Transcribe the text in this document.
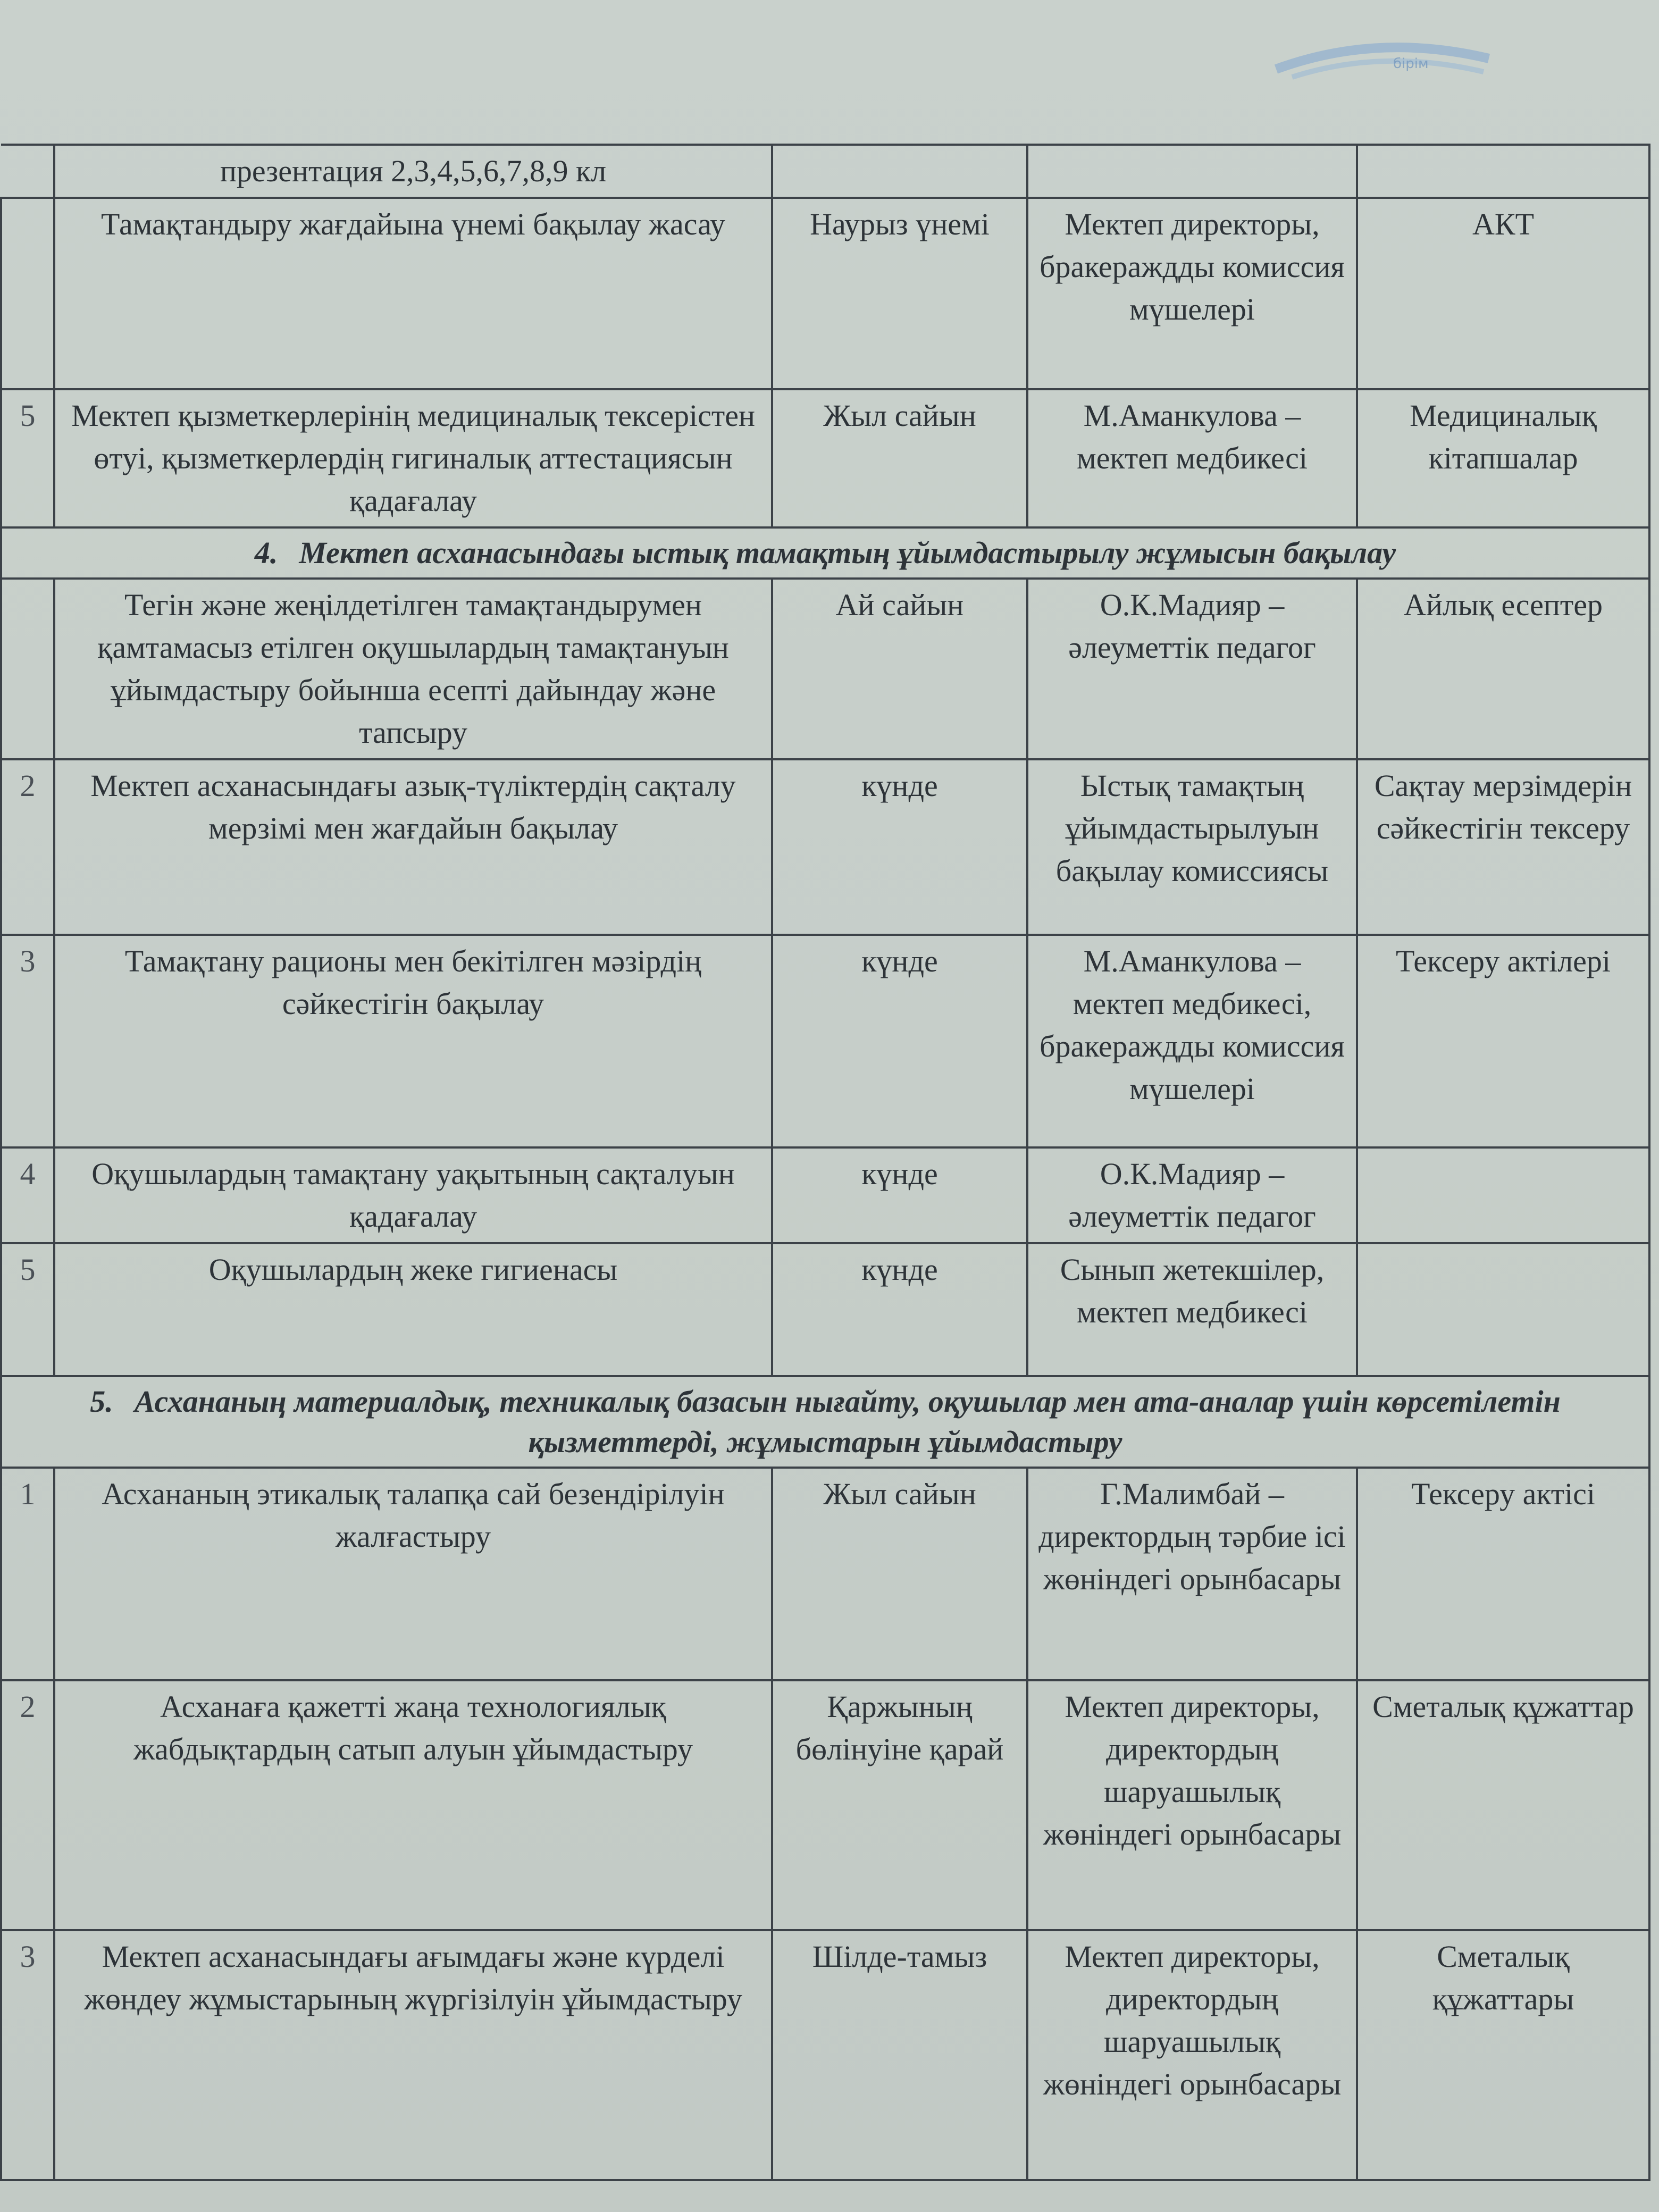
бірім
	презентация 2,3,4,5,6,7,8,9 кл			
	Тамақтандыру жағдайына үнемі бақылау жасау	Наурыз үнемі	Мектеп директоры, бракераждды комиссия мүшелері	АКТ
5	Мектеп қызметкерлерінің медициналық тексерістен өтуі, қызметкерлердің гигиналық аттестациясын қадағалау	Жыл сайын	М.Аманкулова – мектеп медбикесі	Медициналық кітапшалар
4. Мектеп асханасындағы ыстық тамақтың ұйымдастырылу жұмысын бақылау				
	Тегін және жеңілдетілген тамақтандырумен қамтамасыз етілген оқушылардың тамақтануын ұйымдастыру бойынша есепті дайындау және тапсыру	Ай сайын	О.К.Мадияр – әлеуметтік педагог	Айлық есептер
2	Мектеп асханасындағы азық-түліктердің сақталу мерзімі мен жағдайын бақылау	күнде	Ыстық тамақтың ұйымдастырылуын бақылау комиссиясы	Сақтау мерзімдерін сәйкестігін тексеру
3	Тамақтану рационы мен бекітілген мәзірдің сәйкестігін бақылау	күнде	М.Аманкулова – мектеп медбикесі, бракераждды комиссия мүшелері	Тексеру актілері
4	Оқушылардың тамақтану уақытының сақталуын қадағалау	күнде	О.К.Мадияр – әлеуметтік педагог	
5	Оқушылардың жеке гигиенасы	күнде	Сынып жетекшілер, мектеп медбикесі	
5. Асхананың материалдық, техникалық базасын нығайту, оқушылар мен ата-аналар үшін көрсетілетін қызметтерді, жұмыстарын ұйымдастыру				
1	Асхананың этикалық талапқа сай безендірілуін жалғастыру	Жыл сайын	Г.Малимбай – директордың тәрбие ісі жөніндегі орынбасары	Тексеру актісі
2	Асханаға қажетті жаңа технологиялық жабдықтардың сатып алуын ұйымдастыру	Қаржының бөлінуіне қарай	Мектеп директоры, директордың шаруашылық жөніндегі орынбасары	Сметалық құжаттар
3	Мектеп асханасындағы ағымдағы және күрделі жөндеу жұмыстарының жүргізілуін ұйымдастыру	Шілде-тамыз	Мектеп директоры, директордың шаруашылық жөніндегі орынбасары	Сметалық құжаттары
